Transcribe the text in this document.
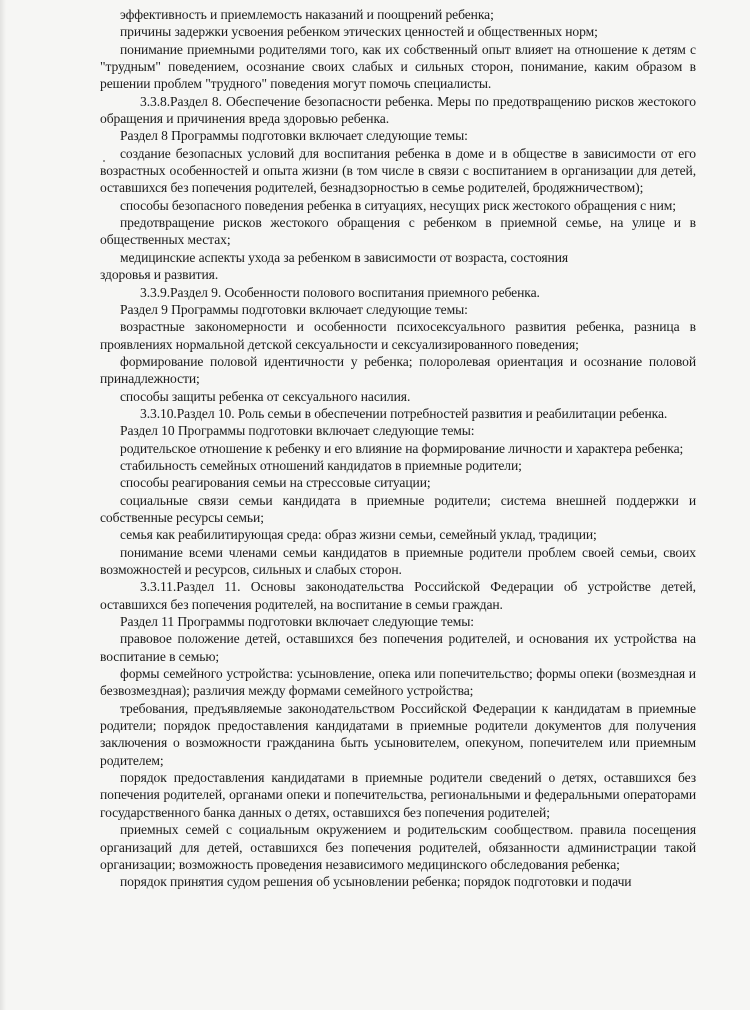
эффективность и приемлемость наказаний и поощрений ребенка;

причины задержки усвоения ребенком этических ценностей и общественных норм;

понимание приемными родителями того, как их собственный опыт влияет на отношение к детям с "трудным" поведением, осознание своих слабых и сильных сторон, понимание, каким образом в решении проблем "трудного" поведения могут помочь специалисты.

3.3.8.Раздел 8. Обеспечение безопасности ребенка. Меры по предотвращению рисков жестокого обращения и причинения вреда здоровью ребенка.

Раздел 8 Программы подготовки включает следующие темы:

создание безопасных условий для воспитания ребенка в доме и в обществе в зависимости от его возрастных особенностей и опыта жизни (в том числе в связи с воспитанием в организации для детей, оставшихся без попечения родителей, безнадзорностью в семье родителей, бродяжничеством);

способы безопасного поведения ребенка в ситуациях, несущих риск жестокого обращения с ним;

предотвращение рисков жестокого обращения с ребенком в приемной семье, на улице и в общественных местах;

медицинские аспекты ухода за ребенком в зависимости от возраста, состояния

здоровья и развития.

3.3.9.Раздел 9. Особенности полового воспитания приемного ребенка.

Раздел 9 Программы подготовки включает следующие темы:

возрастные закономерности и особенности психосексуального развития ребенка, разница в проявлениях нормальной детской сексуальности и сексуализированного поведения;

формирование половой идентичности у ребенка; полоролевая ориентация и осознание половой принадлежности;

способы защиты ребенка от сексуального насилия.

3.3.10.Раздел 10. Роль семьи в обеспечении потребностей развития и реабилитации ребенка.

Раздел 10 Программы подготовки включает следующие темы:

родительское отношение к ребенку и его влияние на формирование личности и характера ребенка;

стабильность семейных отношений кандидатов в приемные родители;

способы реагирования семьи на стрессовые ситуации;

социальные связи семьи кандидата в приемные родители; система внешней поддержки и собственные ресурсы семьи;

семья как реабилитирующая среда: образ жизни семьи, семейный уклад, традиции;

понимание всеми членами семьи кандидатов в приемные родители проблем своей семьи, своих возможностей и ресурсов, сильных и слабых сторон.

3.3.11.Раздел 11. Основы законодательства Российской Федерации об устройстве детей, оставшихся без попечения родителей, на воспитание в семьи граждан.

Раздел 11 Программы подготовки включает следующие темы:

правовое положение детей, оставшихся без попечения родителей, и основания их устройства на воспитание в семью;

формы семейного устройства: усыновление, опека или попечительство; формы опеки (возмездная и безвозмездная); различия между формами семейного устройства;

требования, предъявляемые законодательством Российской Федерации к кандидатам в приемные родители; порядок предоставления кандидатами в приемные родители документов для получения заключения о возможности гражданина быть усыновителем, опекуном, попечителем или приемным родителем;

порядок предоставления кандидатами в приемные родители сведений о детях, оставшихся без попечения родителей, органами опеки и попечительства, региональными и федеральными операторами государственного банка данных о детях, оставшихся без попечения родителей;

приемных семей с социальным окружением и родительским сообществом. правила посещения организаций для детей, оставшихся без попечения родителей, обязанности администрации такой организации; возможность проведения независимого медицинского обследования ребенка;

порядок принятия судом решения об усыновлении ребенка; порядок подготовки и подачи
